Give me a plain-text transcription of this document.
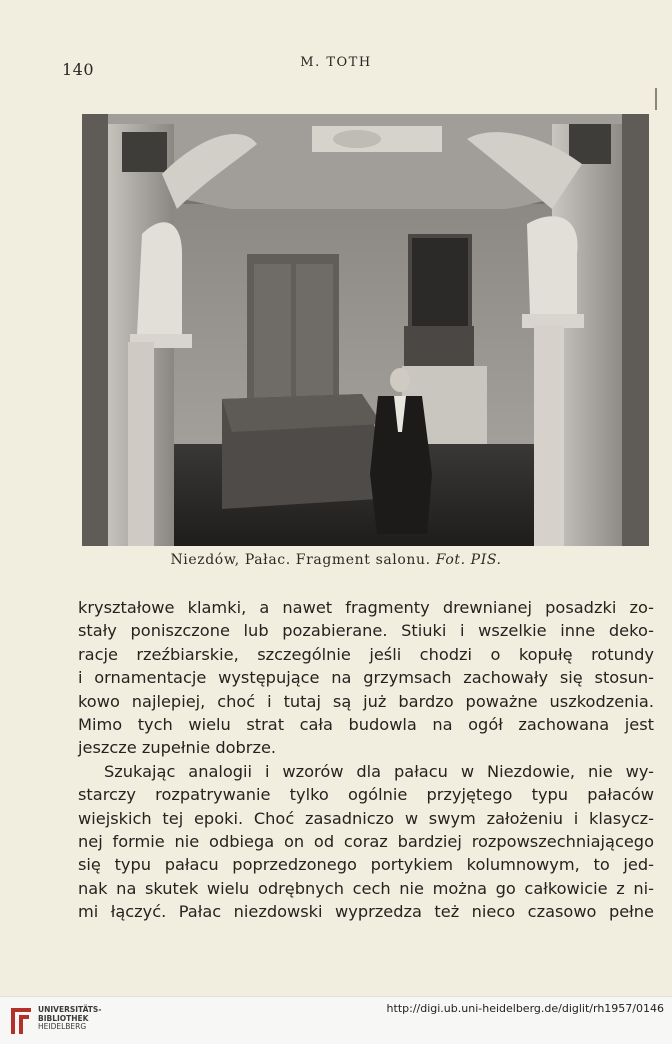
140	M. TOTH
Niezdów, Pałac. Fragment salonu. Fot. PIS.
kryształowe klamki, a nawet fragmenty drewnianej posadzki zo-
stały poniszczone lub pozabierane. Stiuki i wszelkie inne deko-
racje rzeźbiarskie, szczególnie jeśli chodzi o kopułę rotundy
i ornamentacje występujące na grzymsach zachowały się stosun-
kowo najlepiej, choć i tutaj są już bardzo poważne uszkodzenia.
Mimo tych wielu strat cała budowla na ogół zachowana jest
jeszcze zupełnie dobrze.
Szukając analogii i wzorów dla pałacu w Niezdowie, nie wy-
starczy rozpatrywanie tylko ogólnie przyjętego typu pałaców
wiejskich tej epoki. Choć zasadniczo w swym założeniu i klasycz-
nej formie nie odbiega on od coraz bardziej rozpowszechniającego
się typu pałacu poprzedzonego portykiem kolumnowym, to jed-
nak na skutek wielu odrębnych cech nie można go całkowicie z ni-
mi łączyć. Pałac niezdowski wyprzedza też nieco czasowo pełne
UNIVERSITÄTS-
BIBLIOTHEK
HEIDELBERG
http://digi.ub.uni-heidelberg.de/diglit/rh1957/0146
